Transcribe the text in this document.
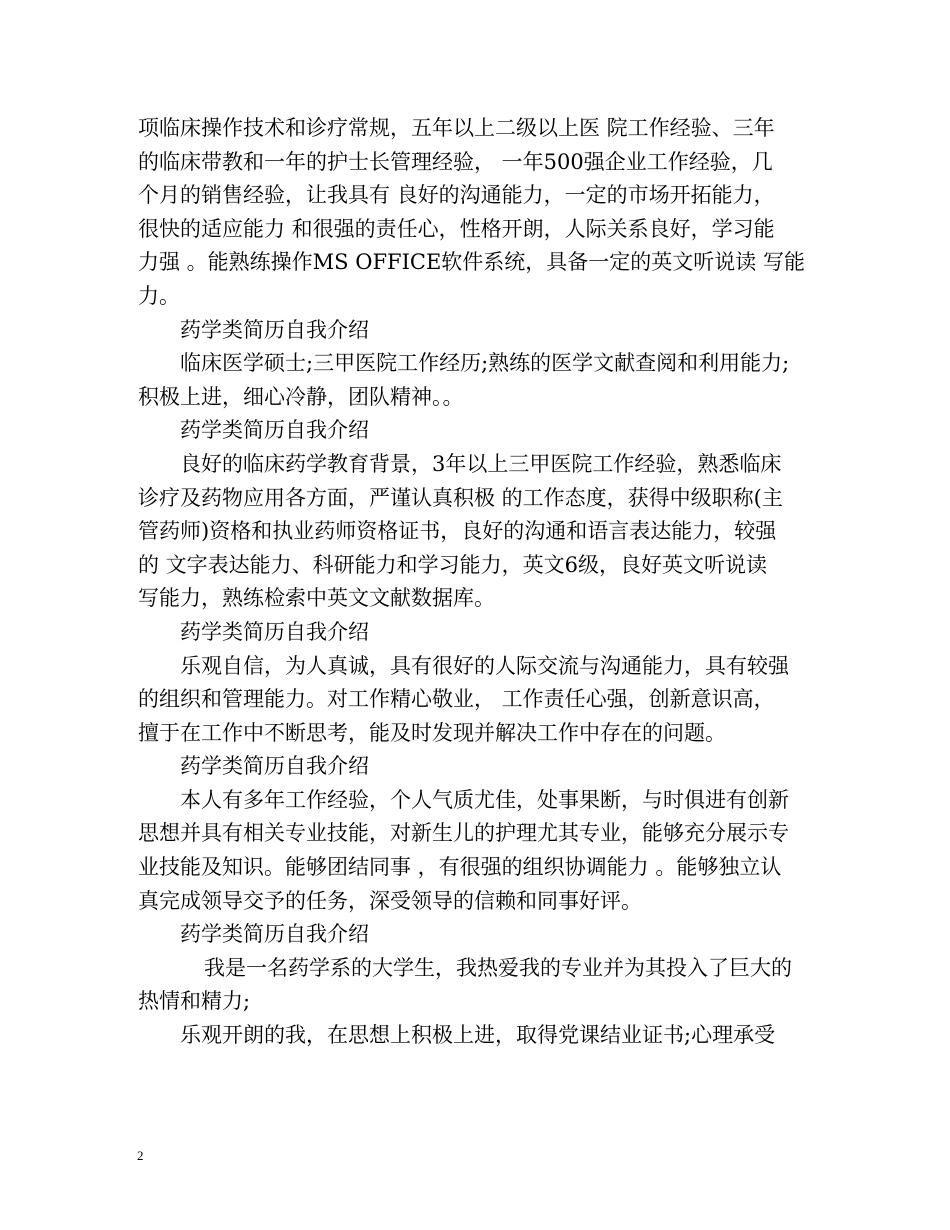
项临床操作技术和诊疗常规，五年以上二级以上医 院工作经验、三年
的临床带教和一年的护士长管理经验， 一年500强企业工作经验，几
个月的销售经验，让我具有 良好的沟通能力，一定的市场开拓能力，
很快的适应能力 和很强的责任心，性格开朗，人际关系良好，学习能
力强 。能熟练操作MS OFFICE软件系统，具备一定的英文听说读 写能
力。
药学类简历自我介绍
临床医学硕士;三甲医院工作经历;熟练的医学文献查阅和利用能力;
积极上进，细心冷静，团队精神。。
药学类简历自我介绍
良好的临床药学教育背景，3年以上三甲医院工作经验，熟悉临床
诊疗及药物应用各方面，严谨认真积极 的工作态度，获得中级职称(主
管药师)资格和执业药师资格证书，良好的沟通和语言表达能力，较强
的 文字表达能力、科研能力和学习能力，英文6级，良好英文听说读
写能力，熟练检索中英文文献数据库。
药学类简历自我介绍
乐观自信，为人真诚，具有很好的人际交流与沟通能力，具有较强
的组织和管理能力。对工作精心敬业， 工作责任心强，创新意识高，
擅于在工作中不断思考，能及时发现并解决工作中存在的问题。
药学类简历自我介绍
本人有多年工作经验，个人气质尤佳，处事果断，与时俱进有创新
思想并具有相关专业技能，对新生儿的护理尤其专业，能够充分展示专
业技能及知识。能够团结同事 ，有很强的组织协调能力 。能够独立认
真完成领导交予的任务，深受领导的信赖和同事好评。
药学类简历自我介绍
我是一名药学系的大学生，我热爱我的专业并为其投入了巨大的
热情和精力;
乐观开朗的我，在思想上积极上进，取得党课结业证书;心理承受
2
